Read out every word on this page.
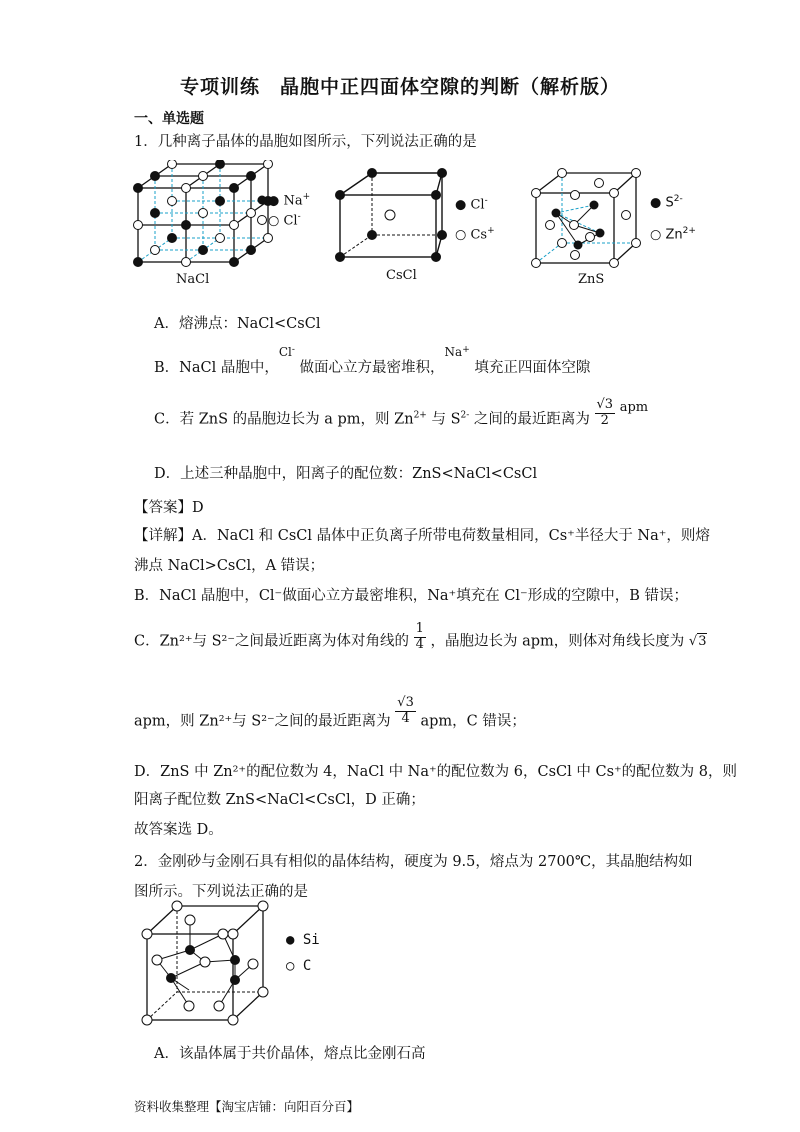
专项训练　晶胞中正四面体空隙的判断（解析版）
一、单选题
1．几种离子晶体的晶胞如图所示，下列说法正确的是
● Na+
○ Cl-
NaCl
● Cl-
○ Cs+
CsCl
● $S^{2-}$
○ $Zn^{2+}$
ZnS
A．熔沸点：NaCl<CsCl
B．NaCl 晶胞中，$^{Cl-}$ 做面心立方最密堆积，$^{Na+}$ 填充正四面体空隙
C．若 ZnS 的晶胞边长为 a pm，则 $Zn^{2+}$ 与 $S^{2-}$ 之间的最近距离为 $\frac{√3}{2}$ apm
D．上述三种晶胞中，阳离子的配位数：ZnS<NaCl<CsCl
【答案】D
【详解】A．NaCl 和 CsCl 晶体中正负离子所带电荷数量相同，Cs⁺半径大于 Na⁺，则熔
沸点 NaCl>CsCl，A 错误；
B．NaCl 晶胞中，Cl⁻做面心立方最密堆积，Na⁺填充在 Cl⁻形成的空隙中，B 错误；
C．Zn²⁺与 S²⁻之间最近距离为体对角线的 $\frac{1}{4}$ ，晶胞边长为 apm，则体对角线长度为 √3
apm，则 Zn²⁺与 S²⁻之间的最近距离为 $\frac{√3}{4}$ apm，C 错误；
D．ZnS 中 Zn²⁺的配位数为 4，NaCl 中 Na⁺的配位数为 6，CsCl 中 Cs⁺的配位数为 8，则
阳离子配位数 ZnS<NaCl<CsCl，D 正确；
故答案选 D。
2．金刚砂与金刚石具有相似的晶体结构，硬度为 9.5，熔点为 2700℃，其晶胞结构如
图所示。下列说法正确的是
● Si
○ C
A．该晶体属于共价晶体，熔点比金刚石高
资料收集整理【淘宝店铺：向阳百分百】
